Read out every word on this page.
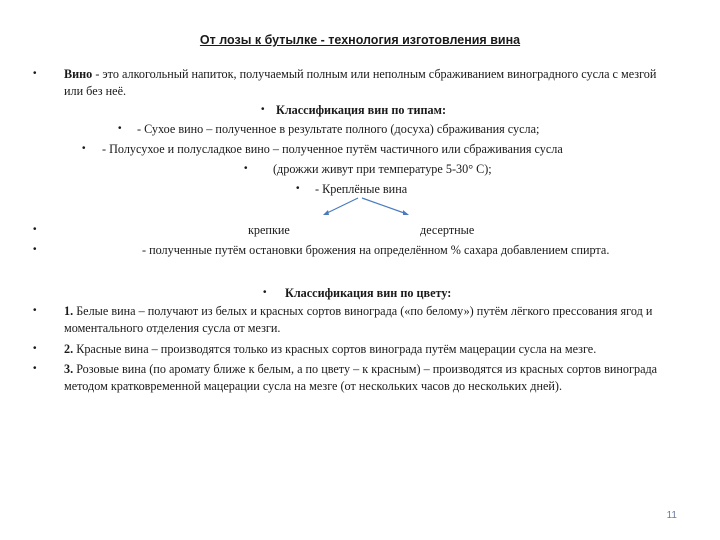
От лозы к бутылке - технология изготовления вина
• Вино - это алкогольный напиток, получаемый полным или неполным сбраживанием виноградного сусла с мезгой или без неё.
• Классификация вин по типам:
• - Сухое вино – полученное в результате полного (досуха) сбраживания сусла;
• - Полусухое и полусладкое вино – полученное путём частичного или сбраживания сусла
• (дрожжи живут при температуре 5-30° С);
• - Креплёные вина
•	крепкие	десертные
•	- полученные путём остановки брожения на определённом % сахара добавлением спирта.
• Классификация вин по цвету:
• 1. Белые вина – получают из белых и красных сортов винограда («по белому») путём лёгкого прессования ягод и моментального отделения сусла от мезги.
• 2. Красные вина – производятся только из красных сортов винограда путём мацерации сусла на мезге.
• 3. Розовые вина (по аромату ближе к белым, а по цвету – к красным) – производятся из красных сортов винограда методом кратковременной мацерации сусла на мезге (от нескольких часов до нескольких дней).
11
